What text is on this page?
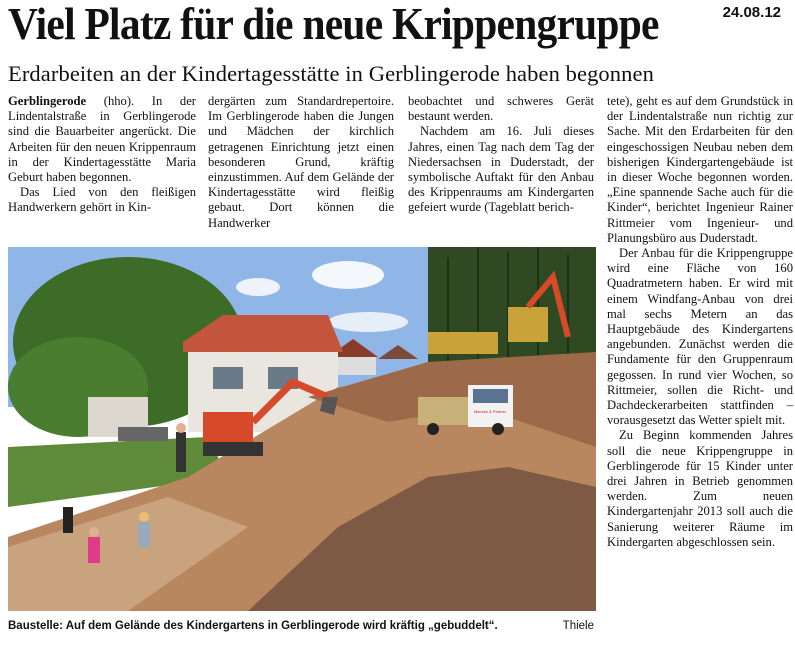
Viel Platz für die neue Krippengruppe	24.08.12
Erdarbeiten an der Kindertagesstätte in Gerblingerode haben begonnen

Gerblingerode (hho). In der Lindentalstraße in Gerblingerode sind die Bauarbeiter angerückt. Die Arbeiten für den neuen Krippenraum in der Kindertagesstätte Maria Geburt haben begonnen.

Das Lied von den fleißigen Handwerkern gehört in Kin-

dergärten zum Standardrepertoire. Im Gerblingerode haben die Jungen und Mädchen der kirchlich getragenen Einrichtung jetzt einen besonderen Grund, kräftig einzustimmen. Auf dem Gelände der Kindertagesstätte wird fleißig gebaut. Dort können die Handwerker

beobachtet und schweres Gerät bestaunt werden.

Nachdem am 16. Juli dieses Jahres, einen Tag nach dem Tag der Niedersachsen in Duderstadt, der symbolische Auftakt für den Anbau des Krippenraums am Kindergarten gefeiert wurde (Tageblatt berich-

tete), geht es auf dem Grundstück in der Lindentalstraße nun richtig zur Sache. Mit den Erdarbeiten für den eingeschossigen Neubau neben dem bisherigen Kindergartengebäude ist in dieser Woche begonnen worden. „Eine spannende Sache auch für die Kinder“, berichtet Ingenieur Rainer Rittmeier vom Ingenieur- und Planungsbüro aus Duderstadt.

Der Anbau für die Krippengruppe wird eine Fläche von 160 Quadratmetern haben. Er wird mit einem Windfang-Anbau von drei mal sechs Metern an das Hauptgebäude des Kindergartens angebunden. Zunächst werden die Fundamente für den Gruppenraum gegossen. In rund vier Wochen, so Rittmeier, sollen die Richt- und Dachdeckerarbeiten stattfinden – vorausgesetzt das Wetter spielt mit.

Zu Beginn kommenden Jahres soll die neue Krippengruppe in Gerblingerode für 15 Kinder unter drei Jahren in Betrieb genommen werden. Zum neuen Kindergartenjahr 2013 soll auch die Sanierung weiterer Räume im Kindergarten abgeschlossen sein.

Mencke & Partner
Baustelle: Auf dem Gelände des Kindergartens in Gerblingerode wird kräftig „gebuddelt“.	Thiele
